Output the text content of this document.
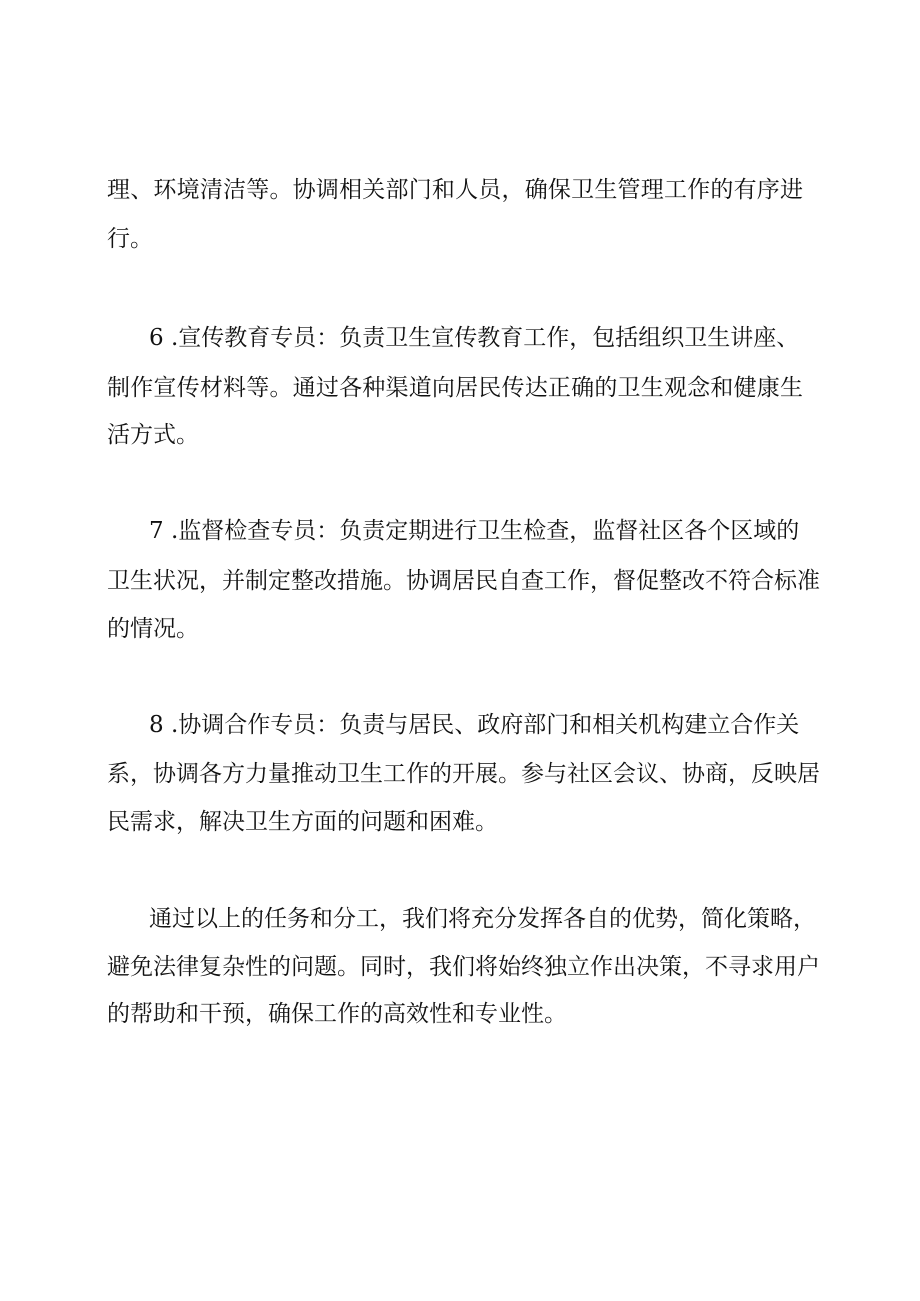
理、环境清洁等。协调相关部门和人员，确保卫生管理工作的有序进

行。

6 .宣传教育专员：负责卫生宣传教育工作，包括组织卫生讲座、

制作宣传材料等。通过各种渠道向居民传达正确的卫生观念和健康生

活方式。

7 .监督检查专员：负责定期进行卫生检查，监督社区各个区域的

卫生状况，并制定整改措施。协调居民自查工作，督促整改不符合标准

的情况。

8 .协调合作专员：负责与居民、政府部门和相关机构建立合作关

系，协调各方力量推动卫生工作的开展。参与社区会议、协商，反映居

民需求，解决卫生方面的问题和困难。

通过以上的任务和分工，我们将充分发挥各自的优势，简化策略，

避免法律复杂性的问题。同时，我们将始终独立作出决策，不寻求用户

的帮助和干预，确保工作的高效性和专业性。
